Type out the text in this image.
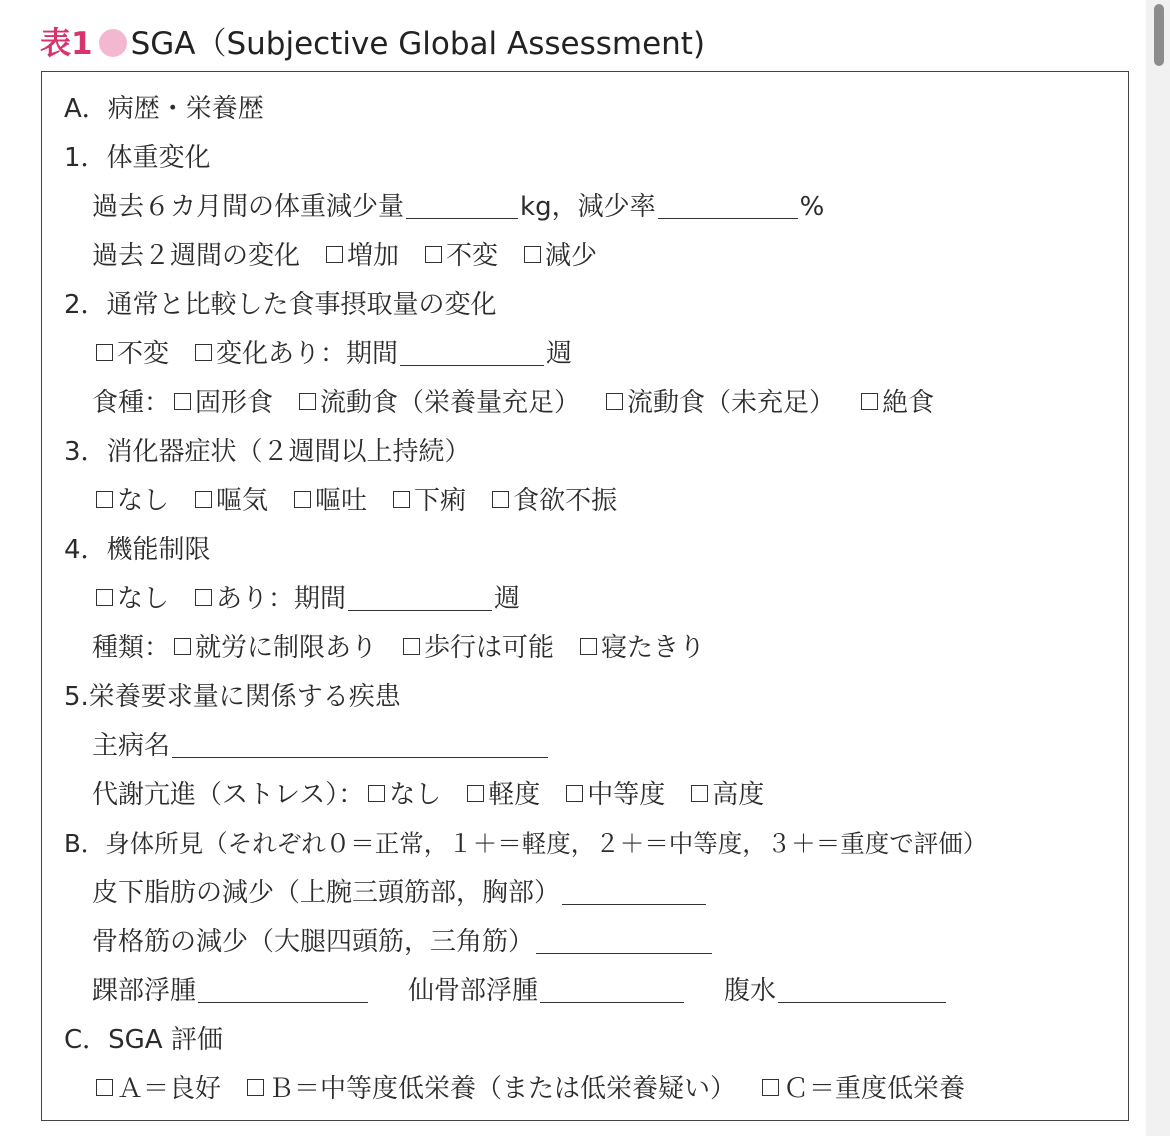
表1 SGA（Subjective Global Assessment)
A．病歴・栄養歴
1．体重変化
過去６カ月間の体重減少量	kg，減少率	%
過去２週間の変化 増加 不変 減少
2．通常と比較した食事摂取量の変化
不変 変化あり：期間	週
食種： 固形食 流動食（栄養量充足） 流動食（未充足） 絶食
3．消化器症状（２週間以上持続）
なし 嘔気 嘔吐 下痢 食欲不振
4．機能制限
なし あり：期間	週
種類： 就労に制限あり 歩行は可能 寝たきり
5.栄養要求量に関係する疾患
主病名
代謝亢進（ストレス）： なし 軽度 中等度 高度
B．身体所見（それぞれ０＝正常，１＋＝軽度，２＋＝中等度，３＋＝重度で評価）
皮下脂肪の減少（上腕三頭筋部，胸部）
骨格筋の減少（大腿四頭筋，三角筋）
踝部浮腫	仙骨部浮腫	腹水
C．SGA 評価
Ａ＝良好 Ｂ＝中等度低栄養（または低栄養疑い） Ｃ＝重度低栄養
